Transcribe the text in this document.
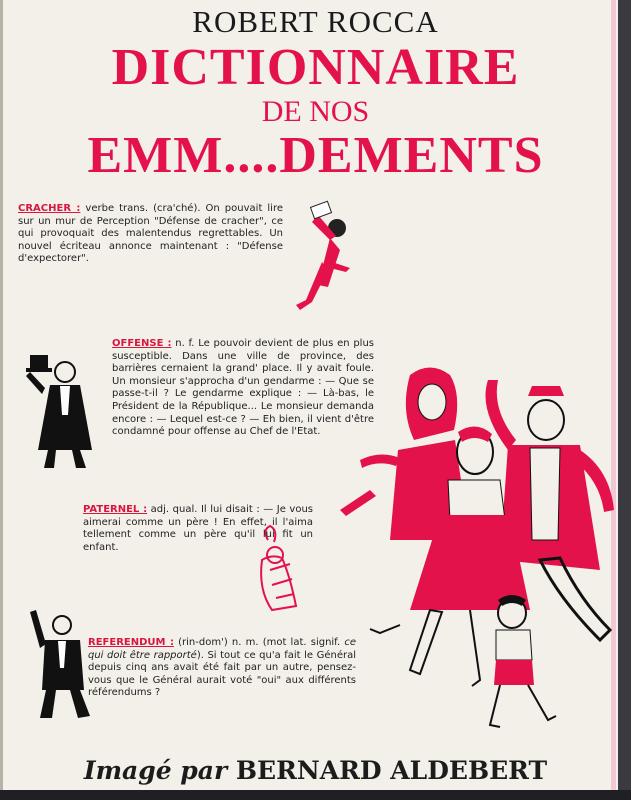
ROBERT ROCCA
DICTIONNAIRE
DE NOS
EMM....DEMENTS
CRACHER : verbe trans. (cra'ché). On pouvait lire sur un mur de Perception "Défense de cracher", ce qui provoquait des malentendus regrettables. Un nouvel écriteau annonce maintenant : "Défense d'expectorer".
OFFENSE : n. f. Le pouvoir devient de plus en plus susceptible. Dans une ville de province, des barrières cernaient la grand' place. Il y avait foule. Un monsieur s'approcha d'un gendarme : — Que se passe-t-il ? Le gendarme explique : — Là-bas, le Président de la République... Le monsieur demanda encore : — Lequel est-ce ? — Eh bien, il vient d'être condamné pour offense au Chef de l'Etat.
PATERNEL : adj. qual. Il lui disait : — Je vous aimerai comme un père ! En effet, il l'aima tellement comme un père qu'il lui fit un enfant.
REFERENDUM : (rin-dom') n. m. (mot lat. signif. ce qui doit être rapporté). Si tout ce qu'a fait le Général depuis cinq ans avait été fait par un autre, pensez-vous que le Général aurait voté "oui" aux différents référendums ?
Imagé par BERNARD ALDEBERT
